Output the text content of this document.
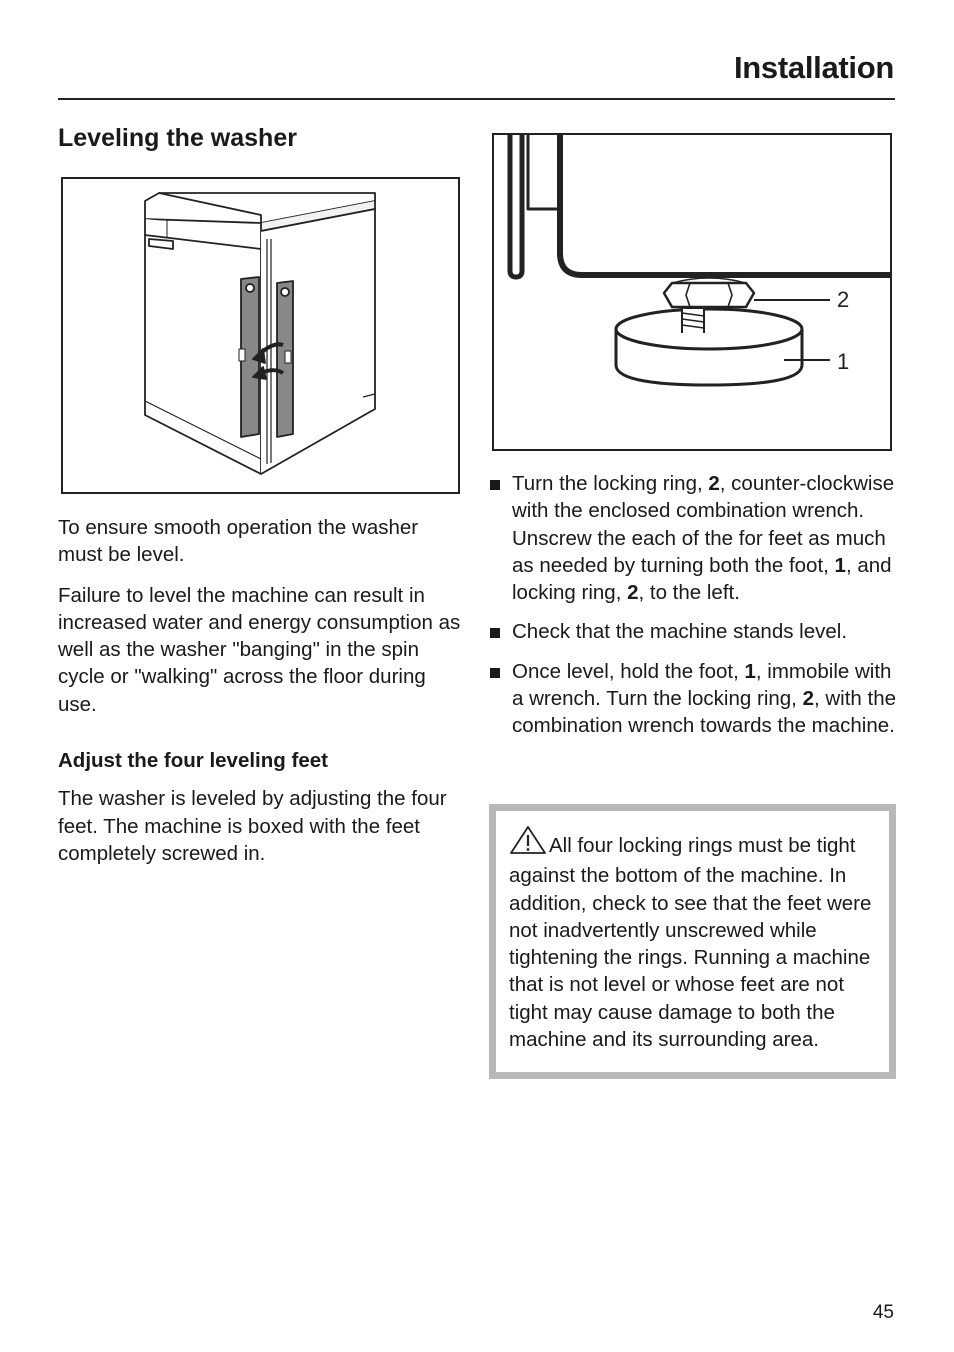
Installation
Leveling the washer
2
1

To ensure smooth operation the washer must be level.

Failure to level the machine can result in increased water and energy consumption as well as the washer "banging" in the spin cycle or "walking" across the floor during use.

Adjust the four leveling feet

The washer is leveled by adjusting the four feet. The machine is boxed with the feet completely screwed in.

Turn the locking ring, 2, counter-clockwise with the enclosed combination wrench. Unscrew the each of the for feet as much as needed by turning both the foot, 1, and locking ring, 2, to the left.
Check that the machine stands level.
Once level, hold the foot, 1, immobile with a wrench. Turn the locking ring, 2, with the combination wrench towards the machine.
All four locking rings must be tight against the bottom of the machine. In addition, check to see that the feet were not inadvertently unscrewed while tightening the rings. Running a machine that is not level or whose feet are not tight may cause damage to both the machine and its surrounding area.
45
